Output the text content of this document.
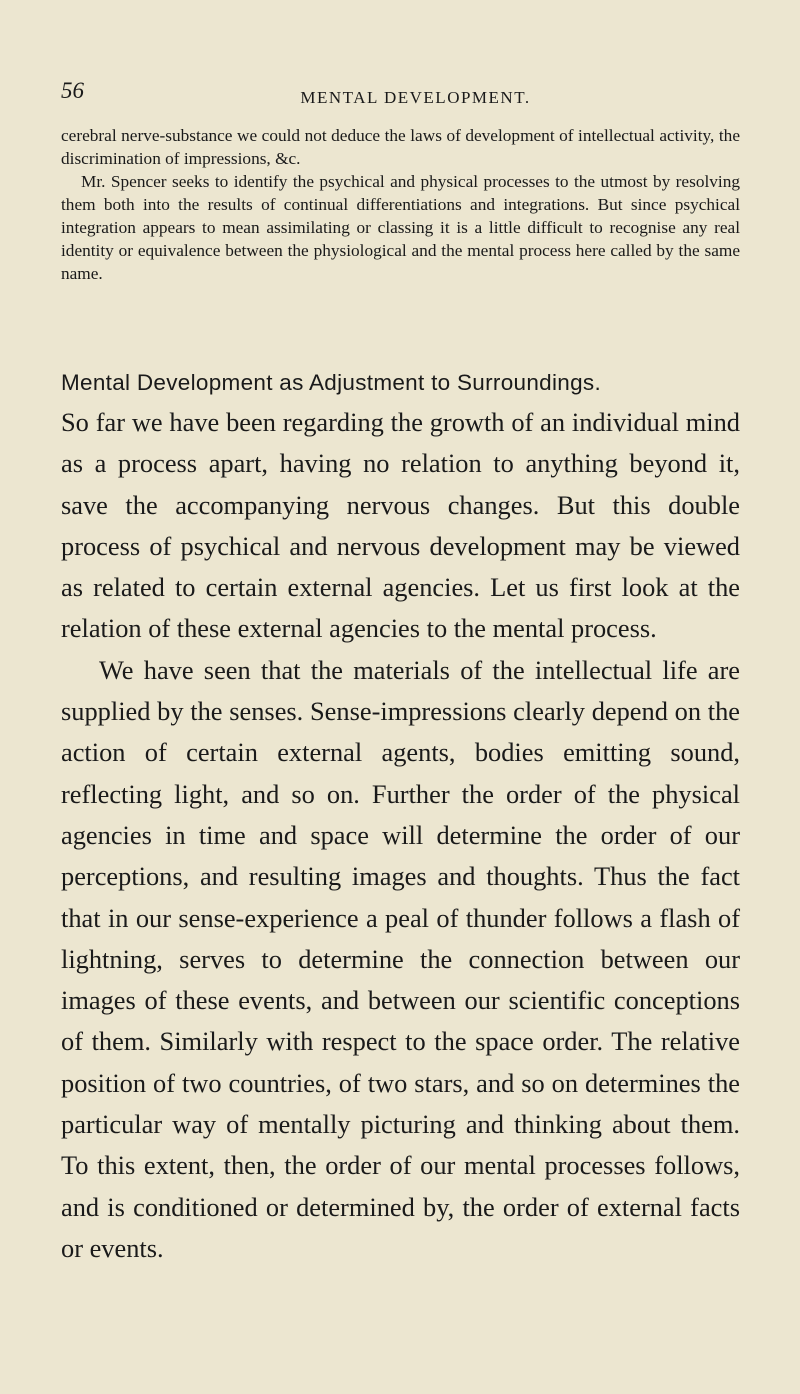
56	MENTAL DEVELOPMENT.

cerebral nerve-substance we could not deduce the laws of development of intellectual activity, the discrimination of impressions, &c.

Mr. Spencer seeks to identify the psychical and physical processes to the utmost by resolving them both into the results of continual differentiations and integrations. But since psychical integration appears to mean assimilating or classing it is a little difficult to recognise any real identity or equivalence between the physiological and the mental process here called by the same name.

Mental Development as Adjustment to Surroundings.

So far we have been regarding the growth of an individual mind as a process apart, having no relation to anything beyond it, save the accompanying nervous changes. But this double process of psychical and nervous development may be viewed as related to certain external agencies. Let us first look at the relation of these external agencies to the mental process.

We have seen that the materials of the intellectual life are supplied by the senses. Sense-impressions clearly depend on the action of certain external agents, bodies emitting sound, reflecting light, and so on. Further the order of the physical agencies in time and space will determine the order of our perceptions, and resulting images and thoughts. Thus the fact that in our sense-experience a peal of thunder follows a flash of lightning, serves to determine the connection between our images of these events, and between our scientific conceptions of them. Similarly with respect to the space order. The relative position of two countries, of two stars, and so on determines the particular way of mentally picturing and thinking about them. To this extent, then, the order of our mental processes follows, and is conditioned or determined by, the order of external facts or events.
